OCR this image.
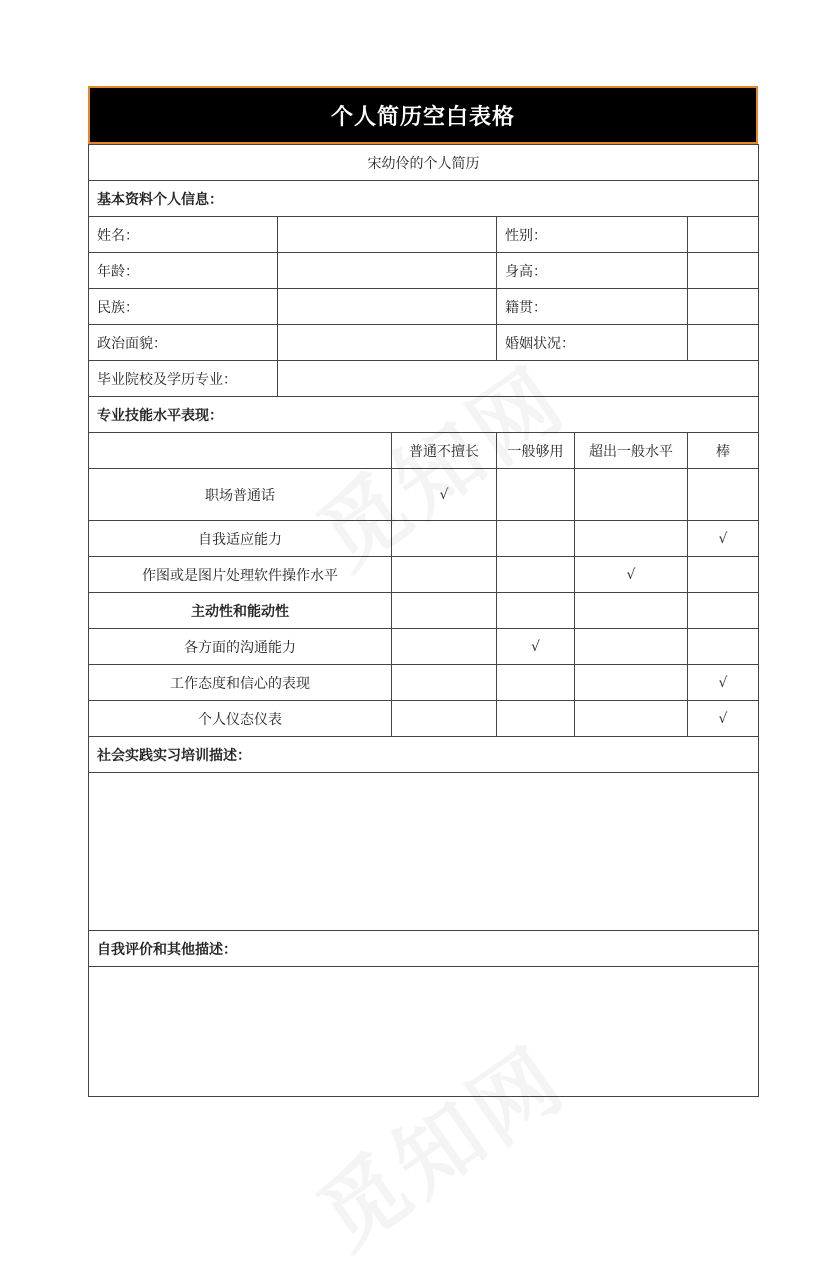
个人简历空白表格
宋幼伶的个人简历					
基本资料个人信息：					
姓名：			性别：		
年龄：			身高：		
民族：			籍贯：		
政治面貌：			婚姻状况：		
毕业院校及学历专业：					
专业技能水平表现：					
		普通不擅长	一般够用	超出一般水平	棒
职场普通话		√			
自我适应能力					√
作图或是图片处理软件操作水平				√	
主动性和能动性					
各方面的沟通能力			√		
工作态度和信心的表现					√
个人仪态仪表					√
社会实践实习培训描述：					

自我评价和其他描述：					
